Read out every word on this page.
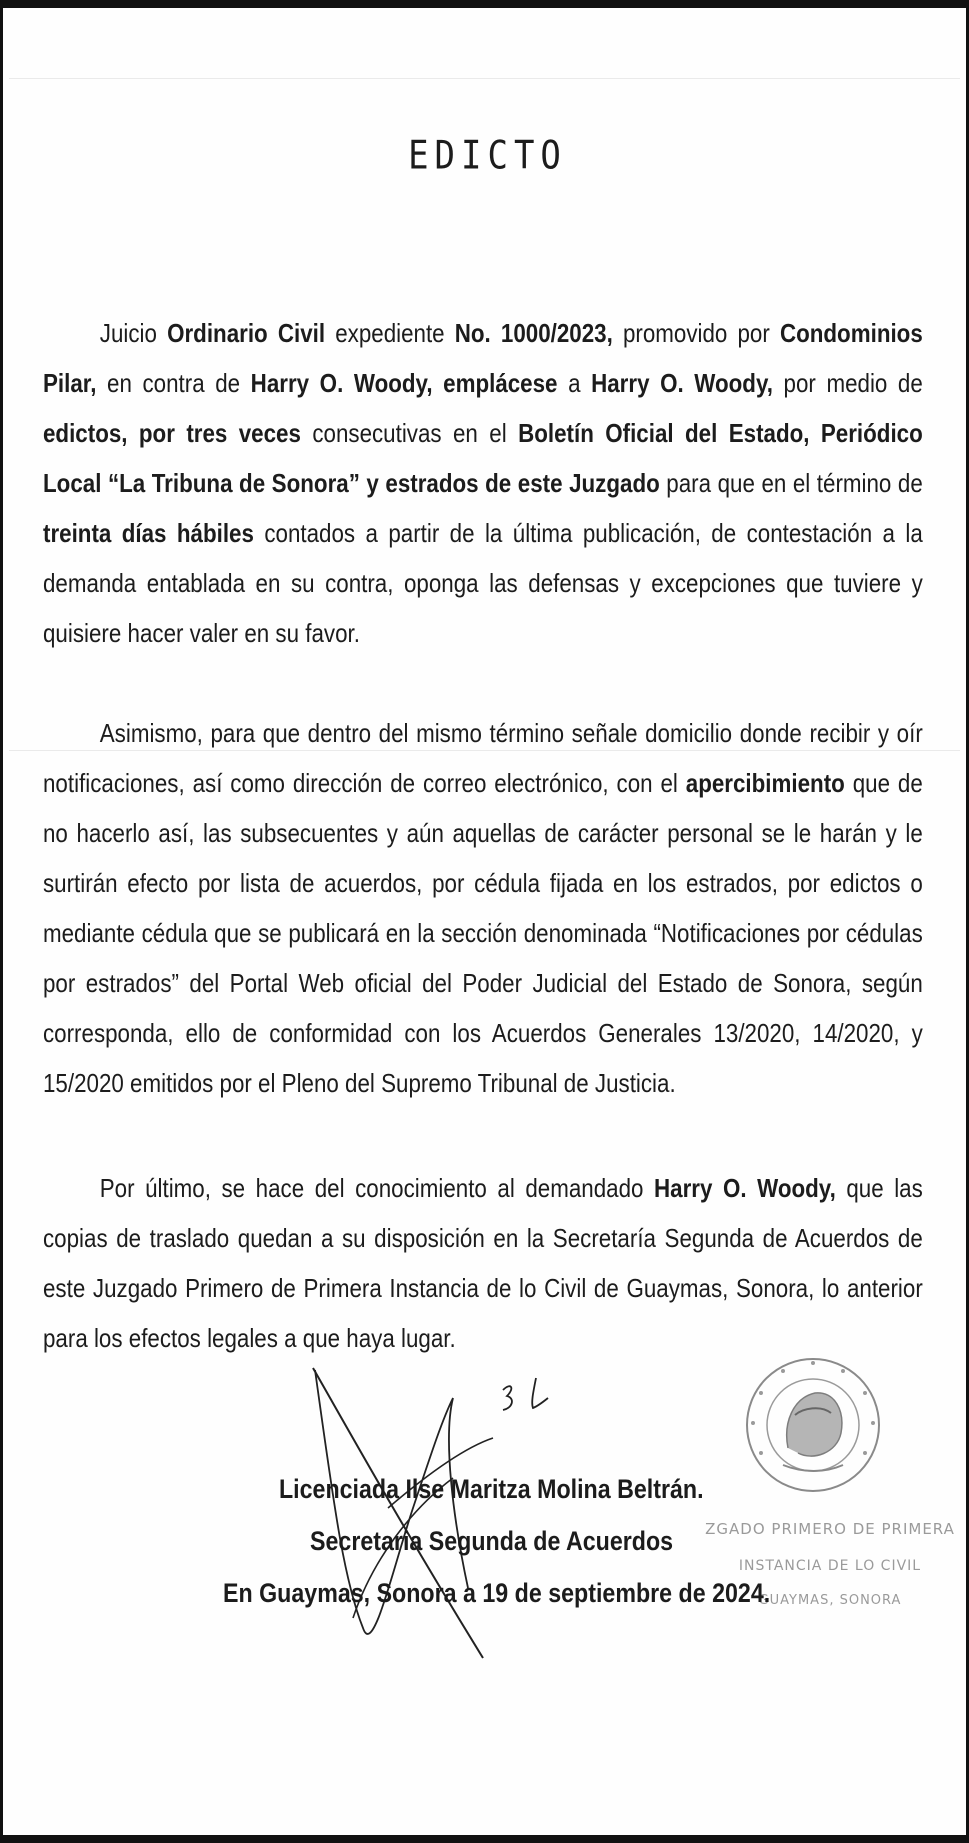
EDICTO
Juicio Ordinario Civil expediente No. 1000/2023, promovido por Condominios Pilar, en contra de Harry O. Woody, emplácese a Harry O. Woody, por medio de edictos, por tres veces consecutivas en el Boletín Oficial del Estado, Periódico Local “La Tribuna de Sonora” y estrados de este Juzgado para que en el término de treinta días hábiles contados a partir de la última publicación, de contestación a la demanda entablada en su contra, oponga las defensas y excepciones que tuviere y quisiere hacer valer en su favor.
Asimismo, para que dentro del mismo término señale domicilio donde recibir y oír notificaciones, así como dirección de correo electrónico, con el apercibimiento que de no hacerlo así, las subsecuentes y aún aquellas de carácter personal se le harán y le surtirán efecto por lista de acuerdos, por cédula fijada en los estrados, por edictos o mediante cédula que se publicará en la sección denominada “Notificaciones por cédulas por estrados” del Portal Web oficial del Poder Judicial del Estado de Sonora, según corresponda, ello de conformidad con los Acuerdos Generales 13/2020, 14/2020, y 15/2020 emitidos por el Pleno del Supremo Tribunal de Justicia.
Por último, se hace del conocimiento al demandado Harry O. Woody, que las copias de traslado quedan a su disposición en la Secretaría Segunda de Acuerdos de este Juzgado Primero de Primera Instancia de lo Civil de Guaymas, Sonora, lo anterior para los efectos legales a que haya lugar.
ZGADO PRIMERO DE PRIMERA
INSTANCIA DE LO CIVIL
GUAYMAS, SONORA
Licenciada Ilse Maritza Molina Beltrán.
Secretaria Segunda de Acuerdos
En Guaymas, Sonora a 19 de septiembre de 2024.
